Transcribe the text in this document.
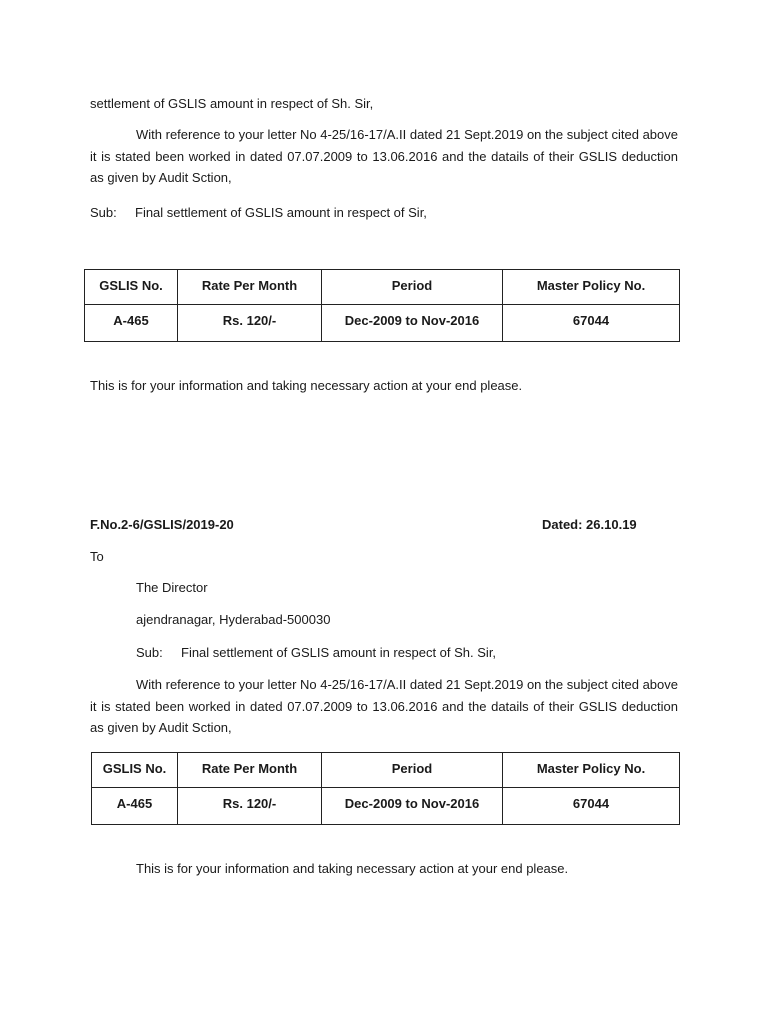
settlement of GSLIS amount in respect of Sh. Sir,
With reference to your letter No 4-25/16-17/A.II dated 21 Sept.2019 on the subject cited above it is stated been worked in dated 07.07.2009 to 13.06.2016 and the datails of their GSLIS deduction as given by Audit Sction,
Sub: Final settlement of GSLIS amount in respect of Sir,
GSLIS No.	Rate Per Month	Period	Master Policy No.
A-465	Rs. 120/-	Dec-2009 to Nov-2016	67044
This is for your information and taking necessary action at your end please.
F.No.2-6/GSLIS/2019-20	Dated: 26.10.19
To
The Director
ajendranagar, Hyderabad-500030
Sub: Final settlement of GSLIS amount in respect of Sh. Sir,
With reference to your letter No 4-25/16-17/A.II dated 21 Sept.2019 on the subject cited above it is stated been worked in dated 07.07.2009 to 13.06.2016 and the datails of their GSLIS deduction as given by Audit Sction,
GSLIS No.	Rate Per Month	Period	Master Policy No.
A-465	Rs. 120/-	Dec-2009 to Nov-2016	67044
This is for your information and taking necessary action at your end please.
